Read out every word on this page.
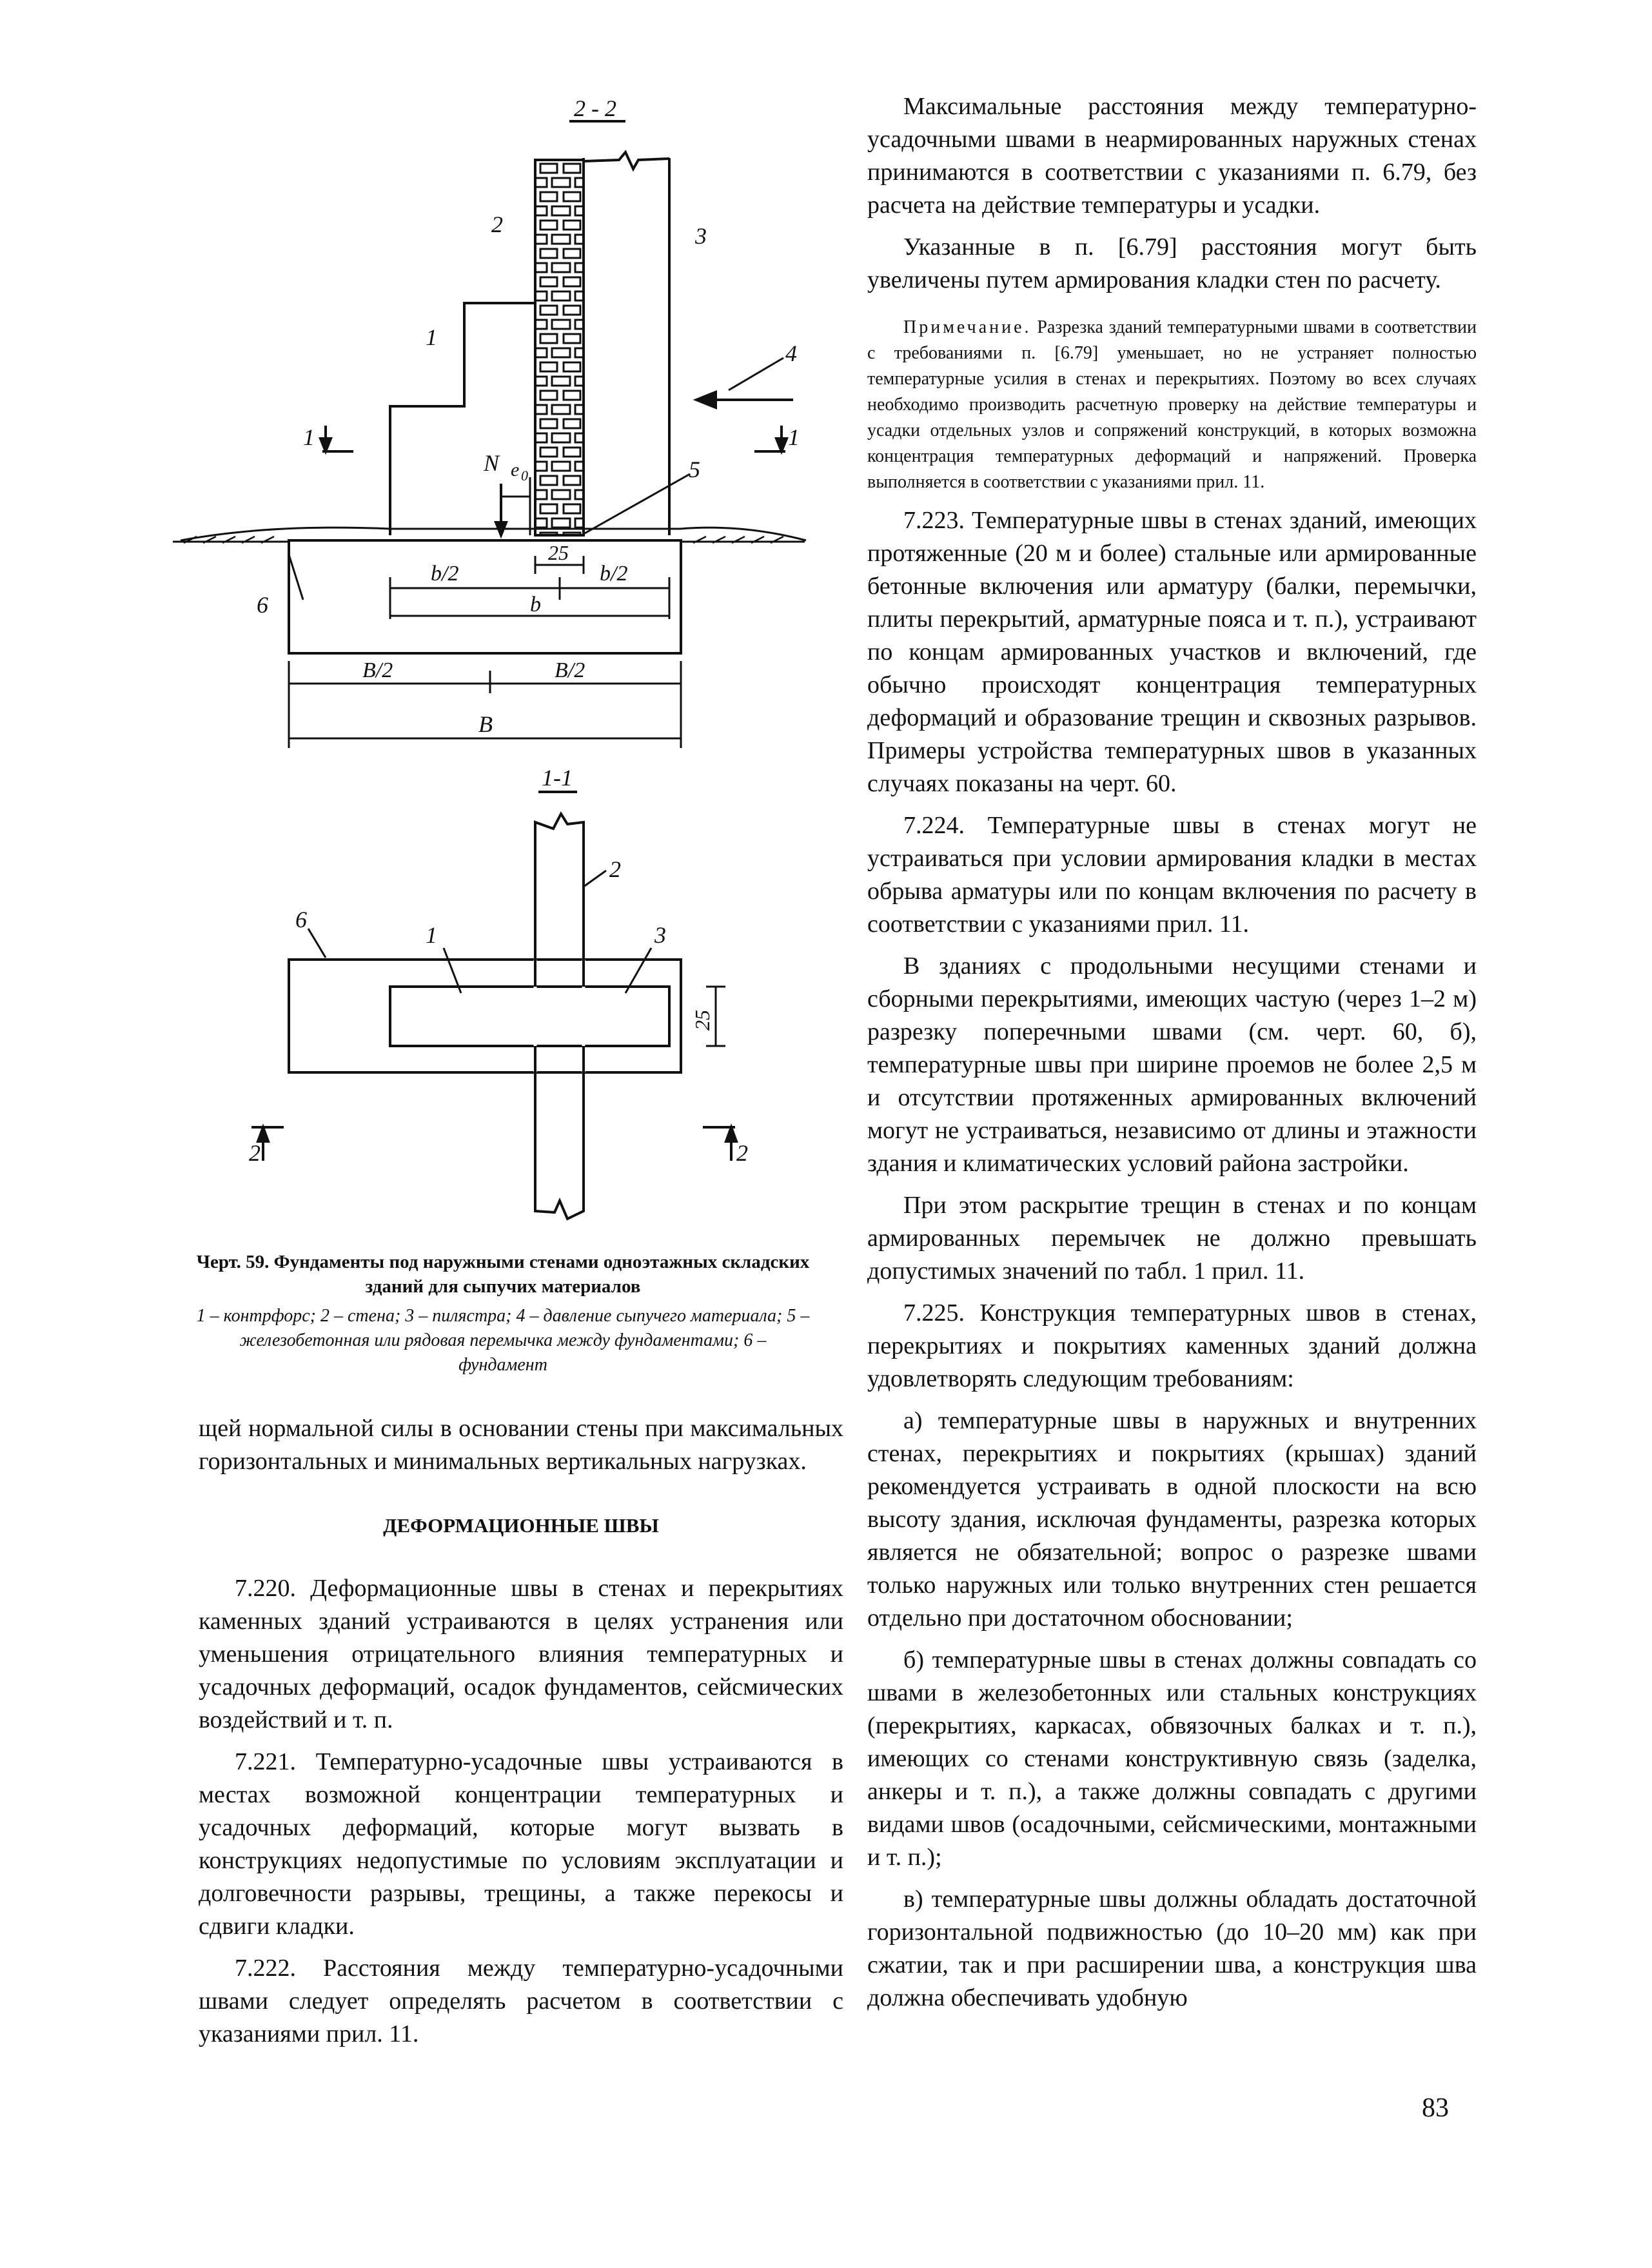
2 - 2
2	3
1
4
1	1
N e 0	5
6
25
b/2	b/2
b
B/2	B/2
B
1-1
2
6
1	3
25
2	2

Черт. 59. Фундаменты под наружными стенами одноэтажных складских зданий для сыпучих материалов

1 – контрфорс; 2 – стена; 3 – пилястра; 4 – давление сыпучего материала; 5 – железобетонная или рядовая перемычка между фундаментами; 6 – фундамент

щей нормальной силы в основании стены при максимальных горизонтальных и минимальных вертикальных нагрузках.

ДЕФОРМАЦИОННЫЕ ШВЫ

7.220. Деформационные швы в стенах и перекрытиях каменных зданий устраиваются в целях устранения или уменьшения отрицательного влияния температурных и усадочных деформаций, осадок фундаментов, сейсмических воздействий и т. п.

7.221. Температурно-усадочные швы устраиваются в местах возможной концентрации температурных и усадочных деформаций, которые могут вызвать в конструкциях недопустимые по условиям эксплуатации и долговечности разрывы, трещины, а также перекосы и сдвиги кладки.

7.222. Расстояния между температурно-усадочными швами следует определять расчетом в соответствии с указаниями прил. 11.

Максимальные расстояния между температурно-усадочными швами в неармированных наружных стенах принимаются в соответствии с указаниями п. 6.79, без расчета на действие температуры и усадки.

Указанные в п. [6.79] расстояния могут быть увеличены путем армирования кладки стен по расчету.

Примечание. Разрезка зданий температурными швами в соответствии с требованиями п. [6.79] уменьшает, но не устраняет полностью температурные усилия в стенах и перекрытиях. Поэтому во всех случаях необходимо производить расчетную проверку на действие температуры и усадки отдельных узлов и сопряжений конструкций, в которых возможна концентрация температурных деформаций и напряжений. Проверка выполняется в соответствии с указаниями прил. 11.

7.223. Температурные швы в стенах зданий, имеющих протяженные (20 м и более) стальные или армированные бетонные включения или арматуру (балки, перемычки, плиты перекрытий, арматурные пояса и т. п.), устраивают по концам армированных участков и включений, где обычно происходят концентрация температурных деформаций и образование трещин и сквозных разрывов. Примеры устройства температурных швов в указанных случаях показаны на черт. 60.

7.224. Температурные швы в стенах могут не устраиваться при условии армирования кладки в местах обрыва арматуры или по концам включения по расчету в соответствии с указаниями прил. 11.

В зданиях с продольными несущими стенами и сборными перекрытиями, имеющих частую (через 1–2 м) разрезку поперечными швами (см. черт. 60, б), температурные швы при ширине проемов не более 2,5 м и отсутствии протяженных армированных включений могут не устраиваться, независимо от длины и этажности здания и климатических условий района застройки.

При этом раскрытие трещин в стенах и по концам армированных перемычек не должно превышать допустимых значений по табл. 1 прил. 11.

7.225. Конструкция температурных швов в стенах, перекрытиях и покрытиях каменных зданий должна удовлетворять следующим требованиям:

а) температурные швы в наружных и внутренних стенах, перекрытиях и покрытиях (крышах) зданий рекомендуется устраивать в одной плоскости на всю высоту здания, исключая фундаменты, разрезка которых является не обязательной; вопрос о разрезке швами только наружных или только внутренних стен решается отдельно при достаточном обосновании;

б) температурные швы в стенах должны совпадать со швами в железобетонных или стальных конструкциях (перекрытиях, каркасах, обвязочных балках и т. п.), имеющих со стенами конструктивную связь (заделка, анкеры и т. п.), а также должны совпадать с другими видами швов (осадочными, сейсмическими, монтажными и т. п.);

в) температурные швы должны обладать достаточной горизонтальной подвижностью (до 10–20 мм) как при сжатии, так и при расширении шва, а конструкция шва должна обеспечивать удобную

83
